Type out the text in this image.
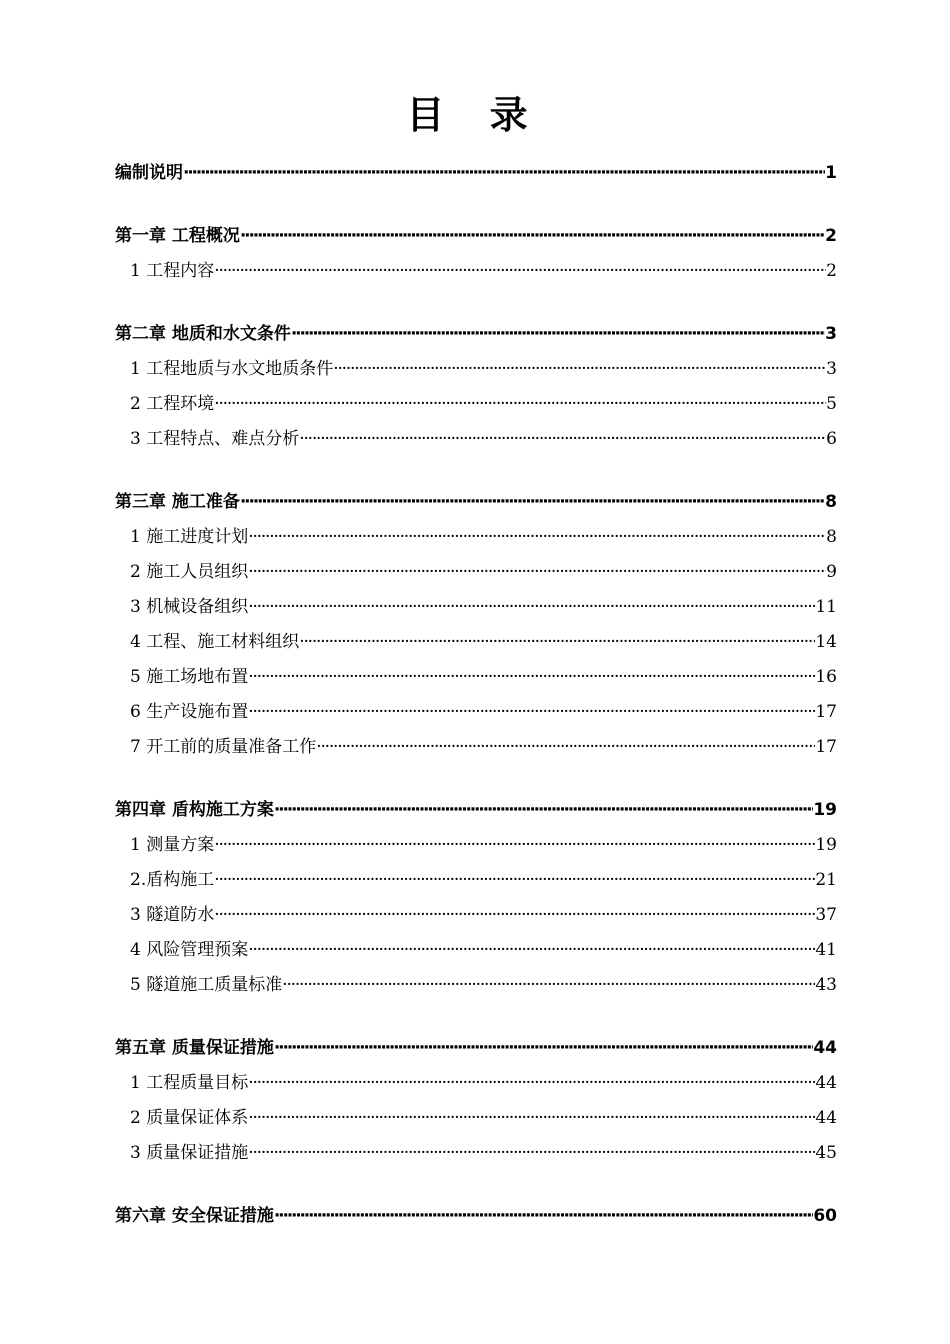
目 录
编制说明 ·····	1
第一章 工程概况 ·····	2
1 工程内容 ·····	2
第二章 地质和水文条件 ·····	3
1 工程地质与水文地质条件 ·····	3
2 工程环境 ·····	5
3 工程特点、难点分析 ·····	6
第三章 施工准备 ·····	8
1 施工进度计划 ·····	8
2 施工人员组织 ·····	9
3 机械设备组织 ·····	11
4 工程、施工材料组织 ·····	14
5 施工场地布置 ·····	16
6 生产设施布置 ·····	17
7 开工前的质量准备工作 ·····	17
第四章 盾构施工方案 ·····	19
1 测量方案 ·····	19
2.盾构施工 ·····	21
3 隧道防水 ·····	37
4 风险管理预案 ·····	41
5 隧道施工质量标准 ·····	43
第五章 质量保证措施 ·····	44
1 工程质量目标 ·····	44
2 质量保证体系 ·····	44
3 质量保证措施 ·····	45
第六章 安全保证措施 ·····	60
